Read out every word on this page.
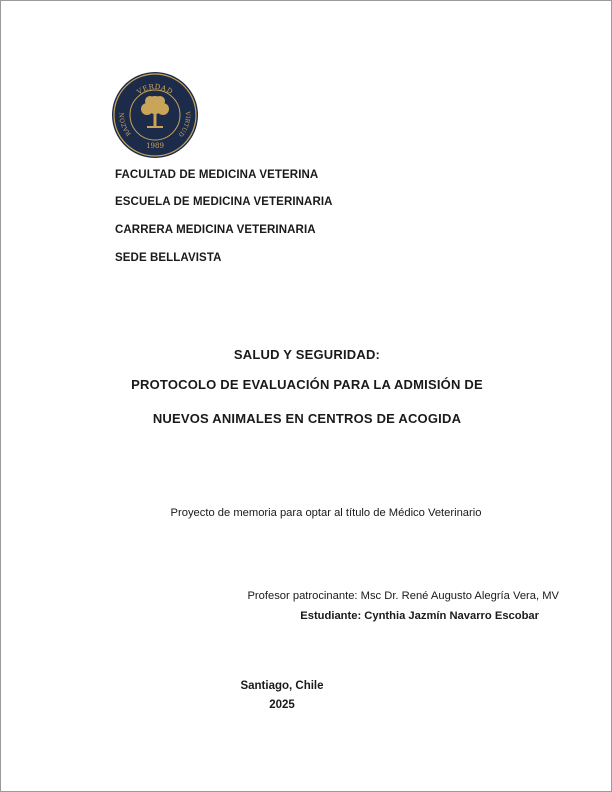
VERDAD
RAZÓN	VIRTUD
1989
FACULTAD DE MEDICINA VETERINA
ESCUELA DE MEDICINA VETERINARIA
CARRERA MEDICINA VETERINARIA
SEDE BELLAVISTA
SALUD Y SEGURIDAD:
PROTOCOLO DE EVALUACIÓN PARA LA ADMISIÓN DE
NUEVOS ANIMALES EN CENTROS DE ACOGIDA
Proyecto de memoria para optar al título de Médico Veterinario
Profesor patrocinante: Msc Dr. René Augusto Alegría Vera, MV
Estudiante: Cynthia Jazmín Navarro Escobar
Santiago, Chile
2025
